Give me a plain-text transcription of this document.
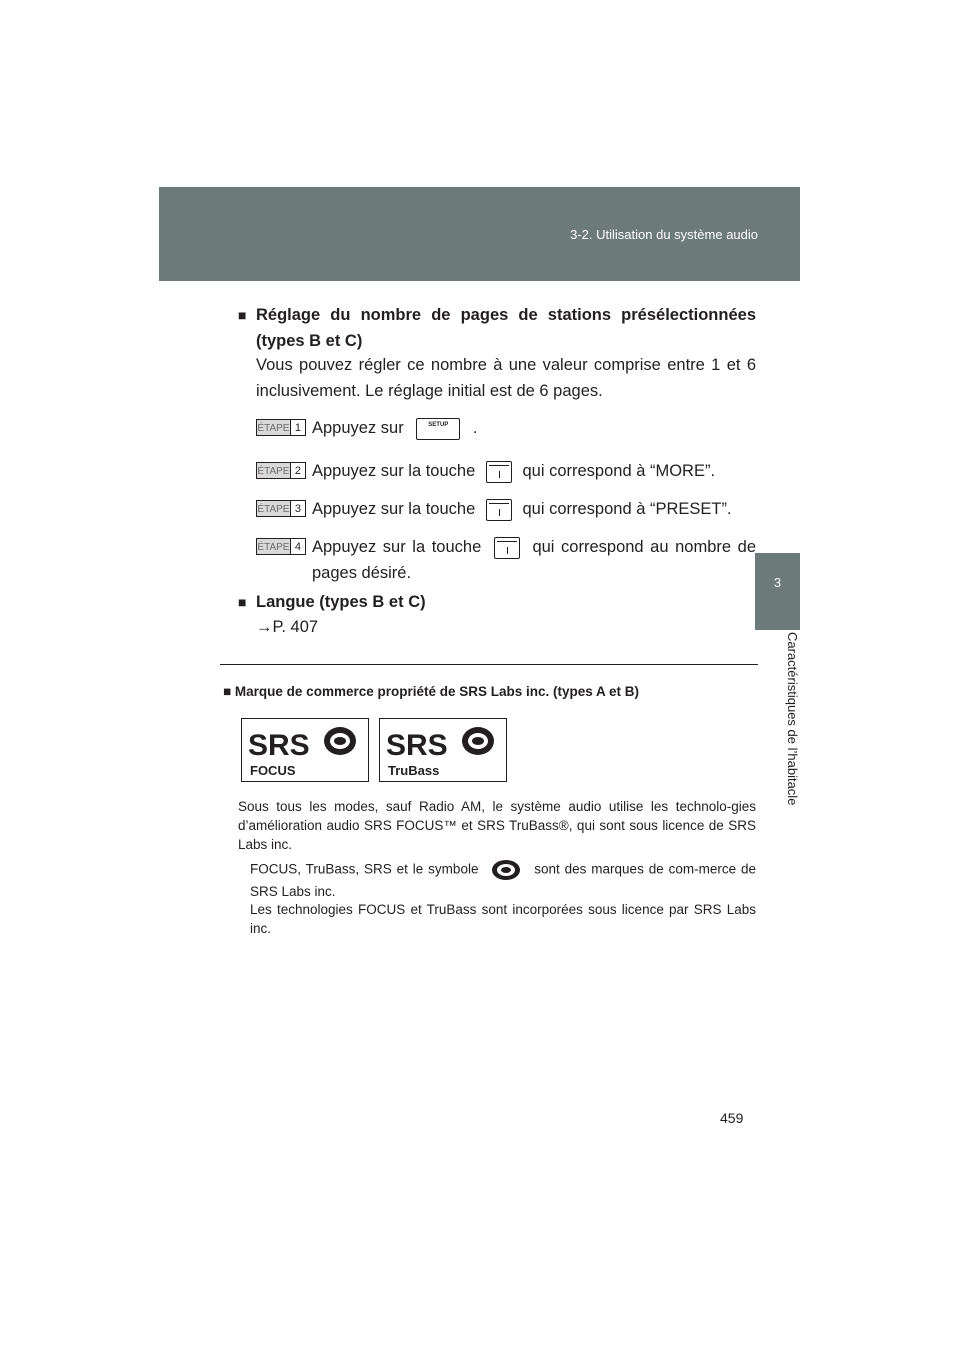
3-2. Utilisation du système audio
3
Caractéristiques de l’habitacle
■ Réglage du nombre de pages de stations présélectionnées (types B et C)
Vous pouvez régler ce nombre à une valeur comprise entre 1 et 6 inclusivement. Le réglage initial est de 6 pages.
ÉTAPE 1 Appuyez sur	SETUP .
ÉTAPE 2 Appuyez sur la touche	qui correspond à “MORE”.
ÉTAPE 3 Appuyez sur la touche	qui correspond à “PRESET”.
ÉTAPE 4 Appuyez sur la touche	qui correspond au nombre de pages désiré.
■ Langue (types B et C)
→P. 407
■ Marque de commerce propriété de SRS Labs inc. (types A et B)
SRS
FOCUS
SRS
TruBass
Sous tous les modes, sauf Radio AM, le système audio utilise les technolo-gies d’amélioration audio SRS FOCUS™ et SRS TruBass®, qui sont sous licence de SRS Labs inc.
FOCUS, TruBass, SRS et le symbole	sont des marques de com-merce de SRS Labs inc.
Les technologies FOCUS et TruBass sont incorporées sous licence par SRS Labs inc.
459
